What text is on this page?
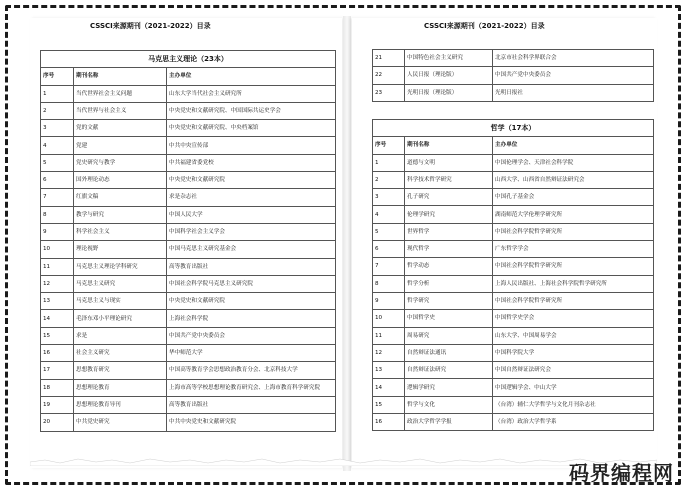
CSSCI来源期刊（2021-2022）目录
马克思主义理论（23本）		
序号	期刊名称	主办单位
1	当代世界社会主义问题	山东大学当代社会主义研究所
2	当代世界与社会主义	中央党史和文献研究院、中国国际共运史学会
3	党的文献	中央党史和文献研究院、中央档案馆
4	党建	中共中央宣传部
5	党史研究与教学	中共福建省委党校
6	国外理论动态	中央党史和文献研究院
7	红旗文稿	求是杂志社
8	教学与研究	中国人民大学
9	科学社会主义	中国科学社会主义学会
10	理论视野	中国马克思主义研究基金会
11	马克思主义理论学科研究	高等教育出版社
12	马克思主义研究	中国社会科学院马克思主义研究院
13	马克思主义与现实	中央党史和文献研究院
14	毛泽东邓小平理论研究	上海社会科学院
15	求是	中国共产党中央委员会
16	社会主义研究	华中师范大学
17	思想教育研究	中国高等教育学会思想政治教育分会、北京科技大学
18	思想理论教育	上海市高等学校思想理论教育研究会、上海市教育科学研究院
19	思想理论教育导刊	高等教育出版社
20	中共党史研究	中共中央党史和文献研究院
CSSCI来源期刊（2021-2022）目录
21	中国特色社会主义研究	北京市社会科学界联合会
22	人民日报（理论版）	中国共产党中央委员会
23	光明日报（理论版）	光明日报社
哲学（17本）		
序号	期刊名称	主办单位
1	道德与文明	中国伦理学会、天津社会科学院
2	科学技术哲学研究	山西大学、山西省自然辩证法研究会
3	孔子研究	中国孔子基金会
4	伦理学研究	湖南师范大学伦理学研究所
5	世界哲学	中国社会科学院哲学研究所
6	现代哲学	广东哲学学会
7	哲学动态	中国社会科学院哲学研究所
8	哲学分析	上海人民出版社、上海社会科学院哲学研究所
9	哲学研究	中国社会科学院哲学研究所
10	中国哲学史	中国哲学史学会
11	周易研究	山东大学、中国周易学会
12	自然辩证法通讯	中国科学院大学
13	自然辩证法研究	中国自然辩证法研究会
14	逻辑学研究	中国逻辑学会、中山大学
15	哲学与文化	（台湾）辅仁大学哲学与文化月刊杂志社
16	政治大学哲学学报	（台湾）政治大学哲学系
码界编程网
